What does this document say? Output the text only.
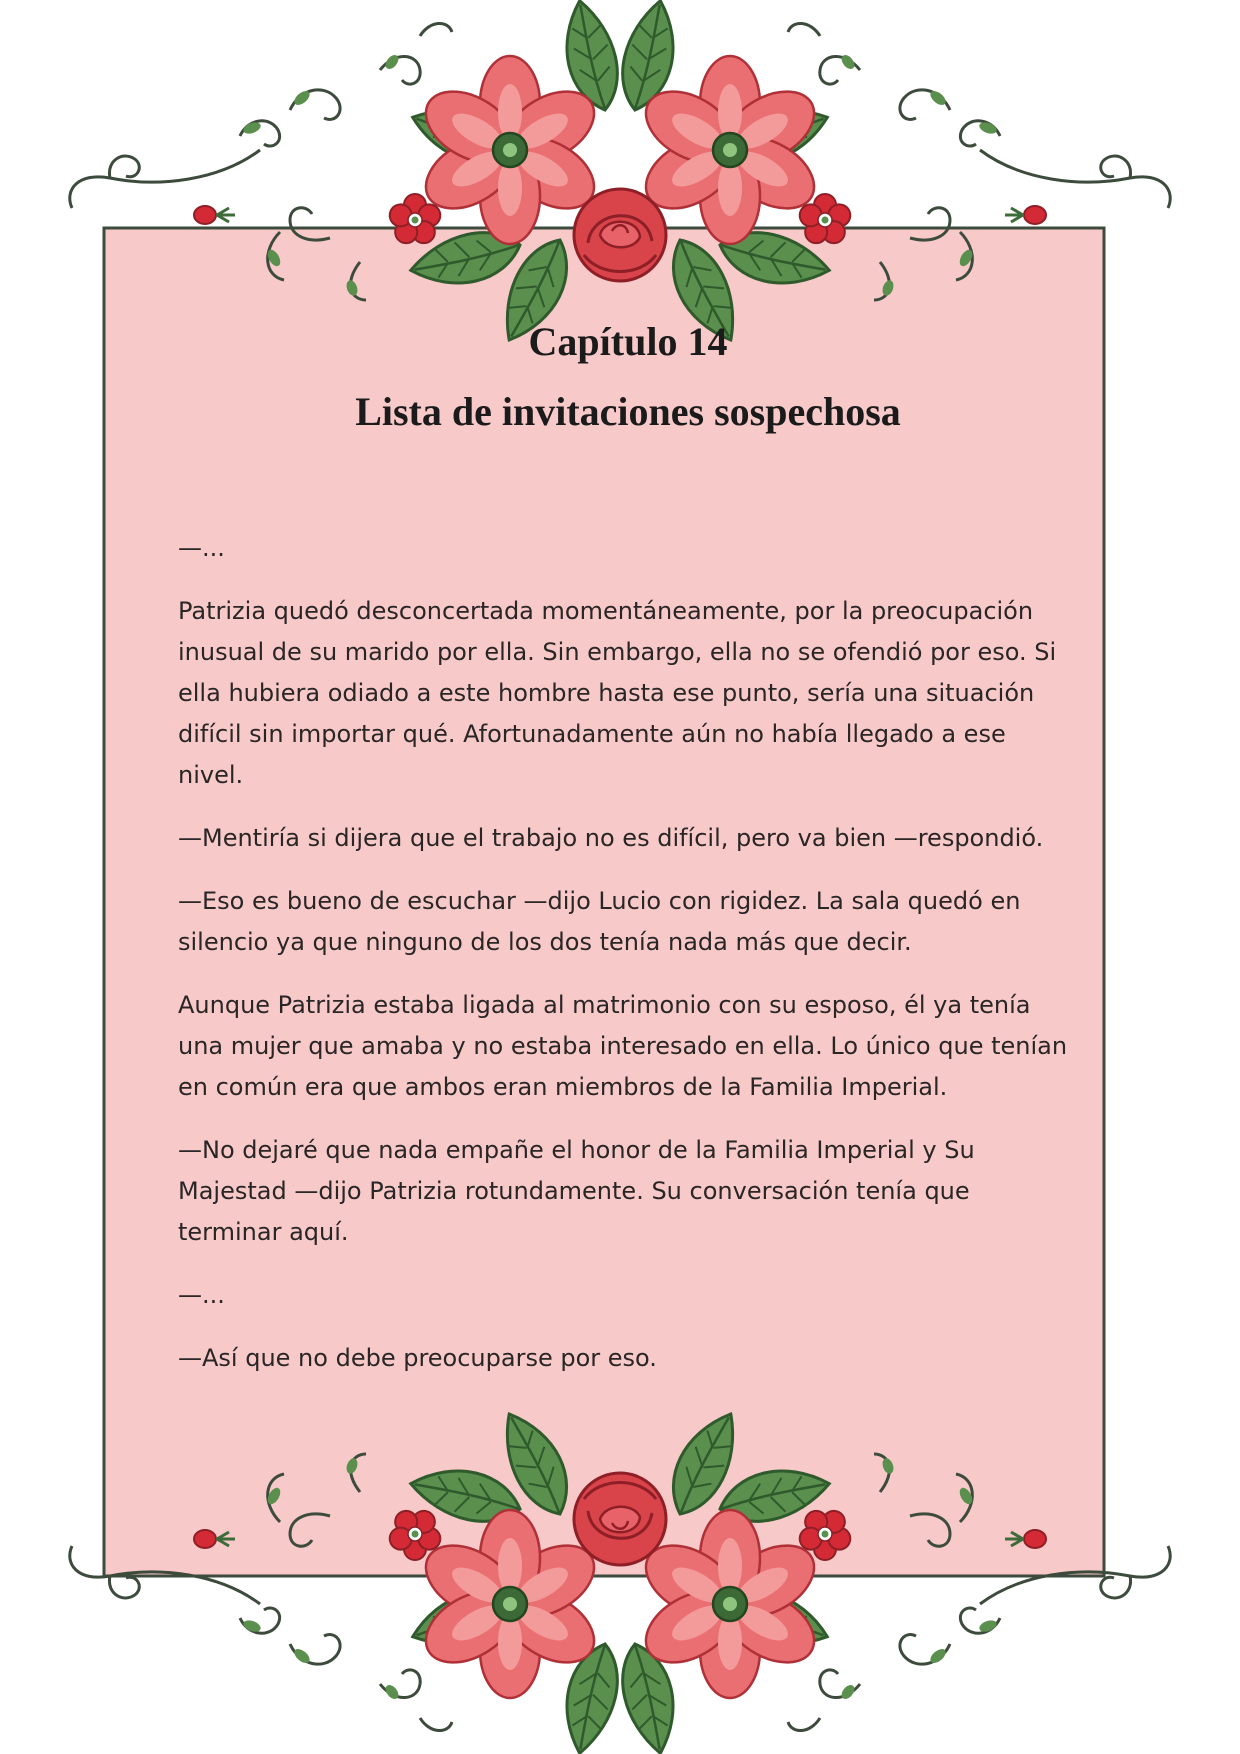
Capítulo 14
Lista de invitaciones sospechosa

—...

Patrizia quedó desconcertada momentáneamente, por la preocupación inusual de su marido por ella. Sin embargo, ella no se ofendió por eso. Si ella hubiera odiado a este hombre hasta ese punto, sería una situación difícil sin importar qué. Afortunadamente aún no había llegado a ese nivel.

—Mentiría si dijera que el trabajo no es difícil, pero va bien —respondió.

—Eso es bueno de escuchar —dijo Lucio con rigidez. La sala quedó en silencio ya que ninguno de los dos tenía nada más que decir.

Aunque Patrizia estaba ligada al matrimonio con su esposo, él ya tenía una mujer que amaba y no estaba interesado en ella. Lo único que tenían en común era que ambos eran miembros de la Familia Imperial.

—No dejaré que nada empañe el honor de la Familia Imperial y Su Majestad —dijo Patrizia rotundamente. Su conversación tenía que terminar aquí.

—...

—Así que no debe preocuparse por eso.
